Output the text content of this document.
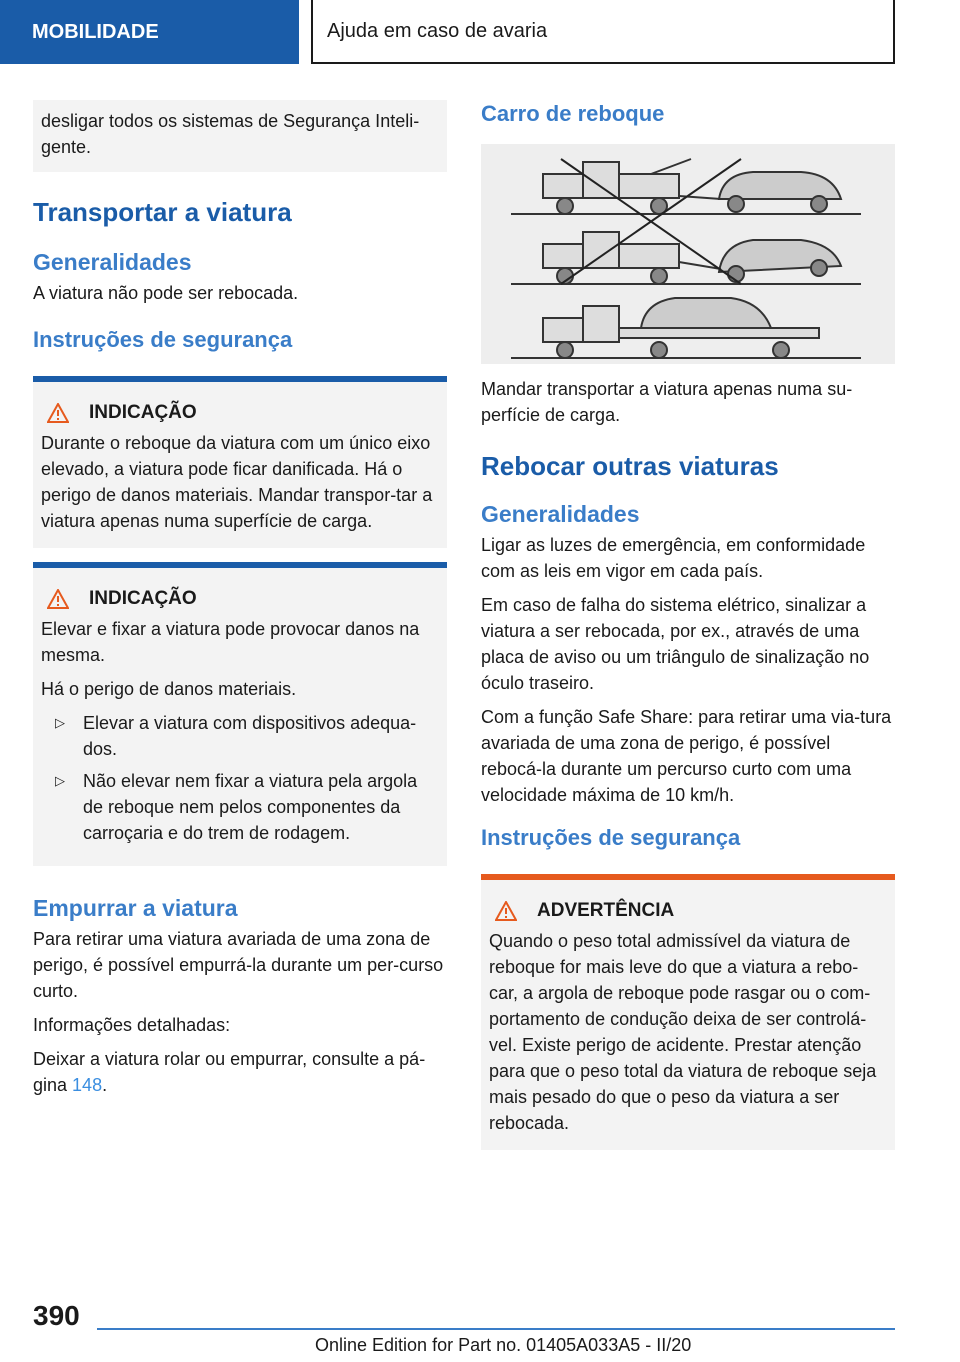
MOBILIDADE	Ajuda em caso de avaria

desligar todos os sistemas de Segurança Inteli-gente.

Transportar a viatura
Generalidades

A viatura não pode ser rebocada.

Instruções de segurança
INDICAÇÃO

Durante o reboque da viatura com um único eixo elevado, a viatura pode ficar danificada. Há o perigo de danos materiais. Mandar transpor-tar a viatura apenas numa superfície de carga.

INDICAÇÃO

Elevar e fixar a viatura pode provocar danos na mesma.

Há o perigo de danos materiais.

▷	Elevar a viatura com dispositivos adequa-dos.
▷	Não elevar nem fixar a viatura pela argola de reboque nem pelos componentes da carroçaria e do trem de rodagem.
Empurrar a viatura

Para retirar uma viatura avariada de uma zona de perigo, é possível empurrá-la durante um per-curso curto.

Informações detalhadas:

Deixar a viatura rolar ou empurrar, consulte a pá-gina 148.

Carro de reboque

Mandar transportar a viatura apenas numa su-perfície de carga.

Rebocar outras viaturas
Generalidades

Ligar as luzes de emergência, em conformidade com as leis em vigor em cada país.

Em caso de falha do sistema elétrico, sinalizar a viatura a ser rebocada, por ex., através de uma placa de aviso ou um triângulo de sinalização no óculo traseiro.

Com a função Safe Share: para retirar uma via-tura avariada de uma zona de perigo, é possível rebocá-la durante um percurso curto com uma velocidade máxima de 10 km/h.

Instruções de segurança
ADVERTÊNCIA

Quando o peso total admissível da viatura de reboque for mais leve do que a viatura a rebo-car, a argola de reboque pode rasgar ou o com-portamento de condução deixa de ser controlá-vel. Existe perigo de acidente. Prestar atenção para que o peso total da viatura de reboque seja mais pesado do que o peso da viatura a ser rebocada.

390
Online Edition for Part no. 01405A033A5 - II/20
